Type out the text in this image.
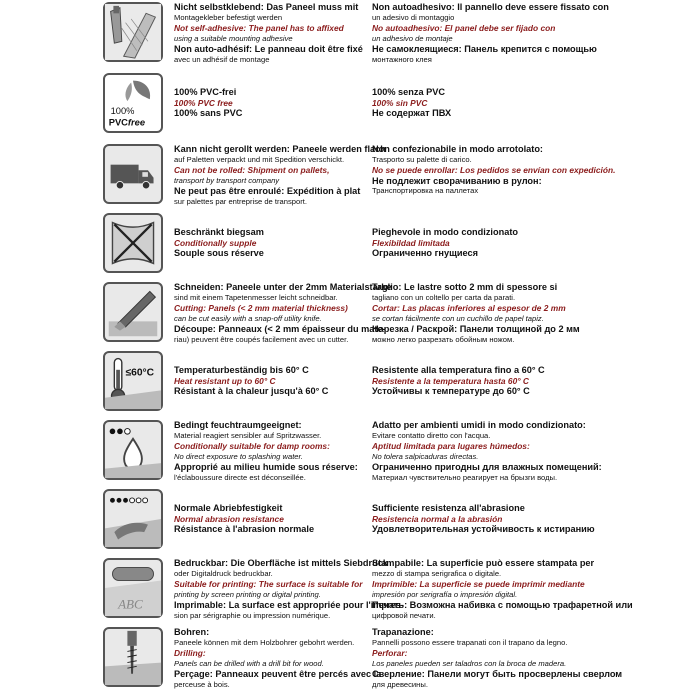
Nicht selbstklebend: Das Paneel muss mit
Montagekleber befestigt werden
Not self-adhesive: The panel has to affixed
using a suitable mounting adhesive
Non auto-adhésif: Le panneau doit être fixé
avec un adhésif de montage
Non autoadhesivo: Il pannello deve essere fissato con
un adesivo di montaggio
No autoadhesivo: El panel debe ser fijado con
un adhesivo de montaje
Не самоклеящиеся: Панель крепится с помощью
монтажного клея
100%
PVCfree
100% PVC-frei
100% PVC free
100% sans PVC
100% senza PVC
100% sin PVC
Не содержат ПВХ
Kann nicht gerollt werden: Paneele werden flach
auf Paletten verpackt und mit Spedition verschickt.
Can not be rolled: Shipment on pallets,
transport by transport company
Ne peut pas être enroulé: Expédition à plat
sur palettes par entreprise de transport.
Non confezionabile in modo arrotolato:
Trasporto su palette di carico.
No se puede enrollar: Los pedidos se envían con expedición.
Не подлежит сворачиванию в рулон:
Транспортировка на паллетах
Beschränkt biegsam
Conditionally supple
Souple sous réserve
Pieghevole in modo condizionato
Flexibildad limitada
Ограниченно гнущиеся
Schneiden: Paneele unter der 2mm Materialstärke
sind mit einem Tapetenmesser leicht schneidbar.
Cutting: Panels (< 2 mm material thickness)
can be cut easily with a snap-off utility knife.
Découpe: Panneaux (< 2 mm épaisseur du mate-
riau) peuvent être coupés facilement avec un cutter.
Taglio: Le lastre sotto 2 mm di spessore si
tagliano con un coltello per carta da parati.
Cortar: Las placas inferiores al espesor de 2 mm
se cortan fácilmente con un cuchillo de papel tapiz.
Нарезка / Раскрой: Панели толщиной до 2 мм
можно легко разрезать обойным ножом.
≤60°C Temperaturbeständig bis 60° C
Heat resistant up to 60° C
Résistant à la chaleur jusqu'à 60° C
Resistente alla temperatura fino a 60° C
Resistente a la temperatura hasta 60° C
Устойчивы к температуре до 60° C
Bedingt feuchtraumgeeignet:
Material reagiert sensibler auf Spritzwasser.
Conditionally suitable for damp rooms:
No direct exposure to splashing water.
Approprié au milieu humide sous réserve:
l'éclaboussure directe est déconseillée.
Adatto per ambienti umidi in modo condizionato:
Evitare contatto diretto con l'acqua.
Aptitud limitada para lugares húmedos:
No tolera salpicaduras directas.
Ограниченно пригодны для влажных помещений:
Материал чувствительно реагирует на брызги воды.
Normale Abriebfestigkeit
Normal abrasion resistance
Résistance à l'abrasion normale
Sufficiente resistenza all'abrasione
Resistencia normal a la abrasión
Удовлетворительная устойчивость к истиранию
ABC
Bedruckbar: Die Oberfläche ist mittels Siebdruck
oder Digitaldruck bedruckbar.
Suitable for printing: The surface is suitable for
printing by screen printing or digital printing.
Imprimable: La surface est appropriée pour l'impres-
sion par sérigraphie ou impression numérique.
Stampabile: La superficie può essere stampata per
mezzo di stampa serigrafica o digitale.
Imprimible: La superficie se puede imprimir mediante
impresión por serigrafía o impresión digital.
Печать: Возможна набивка с помощью трафаретной или
цифровой печати.
Bohren:
Paneele können mit dem Holzbohrer gebohrt werden.
Drilling:
Panels can be drilled with a drill bit for wood.
Perçage: Panneaux peuvent être percés avec la
perceuse à bois.
Trapanazione:
Pannelli possono essere trapanati con il trapano da legno.
Perforar:
Los paneles pueden ser taladros con la broca de madera.
Сверление: Панели могут быть просверлены сверлом
для древесины.
